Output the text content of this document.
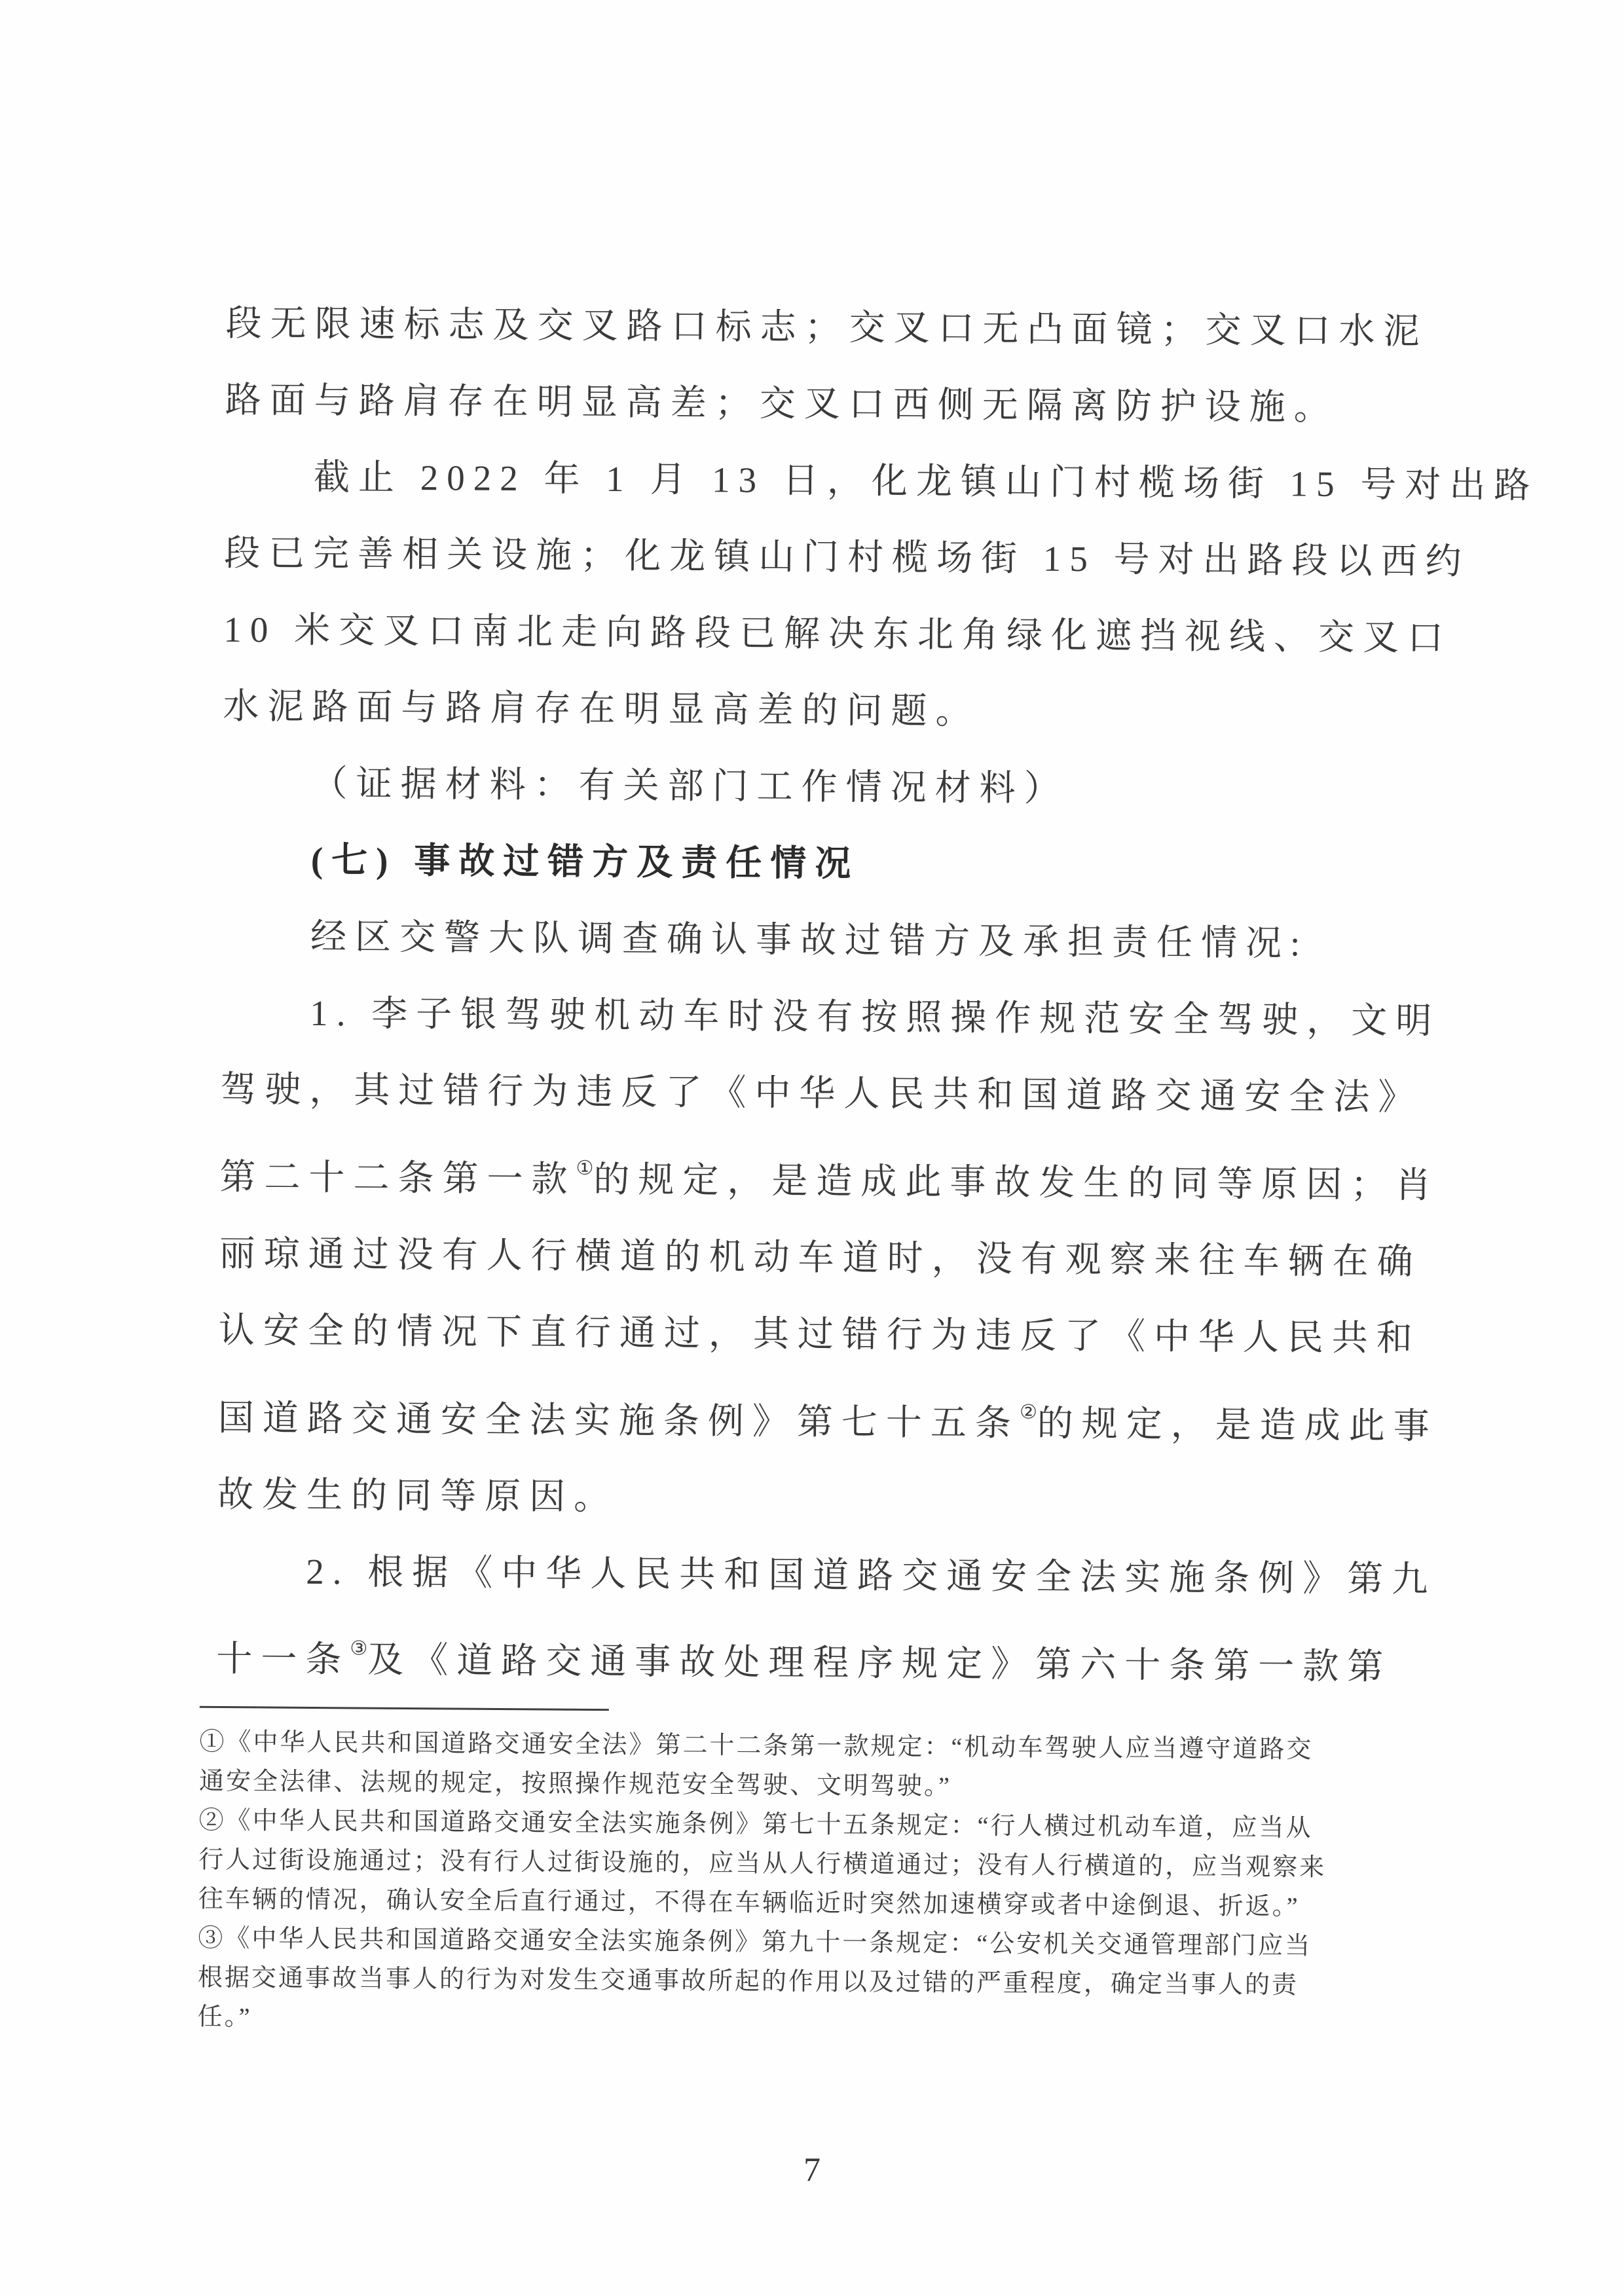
段无限速标志及交叉路口标志；交叉口无凸面镜；交叉口水泥

路面与路肩存在明显高差；交叉口西侧无隔离防护设施。

截止 2022 年 1 月 13 日，化龙镇山门村榄场街 15 号对出路

段已完善相关设施；化龙镇山门村榄场街 15 号对出路段以西约

10 米交叉口南北走向路段已解决东北角绿化遮挡视线、交叉口

水泥路面与路肩存在明显高差的问题。

（证据材料：有关部门工作情况材料）

(七) 事故过错方及责任情况

经区交警大队调查确认事故过错方及承担责任情况:

1. 李子银驾驶机动车时没有按照操作规范安全驾驶，文明

驾驶，其过错行为违反了《中华人民共和国道路交通安全法》

第二十二条第一款①的规定，是造成此事故发生的同等原因；肖

丽琼通过没有人行横道的机动车道时，没有观察来往车辆在确

认安全的情况下直行通过，其过错行为违反了《中华人民共和

国道路交通安全法实施条例》第七十五条②的规定，是造成此事

故发生的同等原因。

2. 根据《中华人民共和国道路交通安全法实施条例》第九

十一条③及《道路交通事故处理程序规定》第六十条第一款第

①《中华人民共和国道路交通安全法》第二十二条第一款规定：“机动车驾驶人应当遵守道路交

通安全法律、法规的规定，按照操作规范安全驾驶、文明驾驶。”

②《中华人民共和国道路交通安全法实施条例》第七十五条规定：“行人横过机动车道，应当从

行人过街设施通过；没有行人过街设施的，应当从人行横道通过；没有人行横道的，应当观察来

往车辆的情况，确认安全后直行通过，不得在车辆临近时突然加速横穿或者中途倒退、折返。”

③《中华人民共和国道路交通安全法实施条例》第九十一条规定：“公安机关交通管理部门应当

根据交通事故当事人的行为对发生交通事故所起的作用以及过错的严重程度，确定当事人的责

任。”

7
